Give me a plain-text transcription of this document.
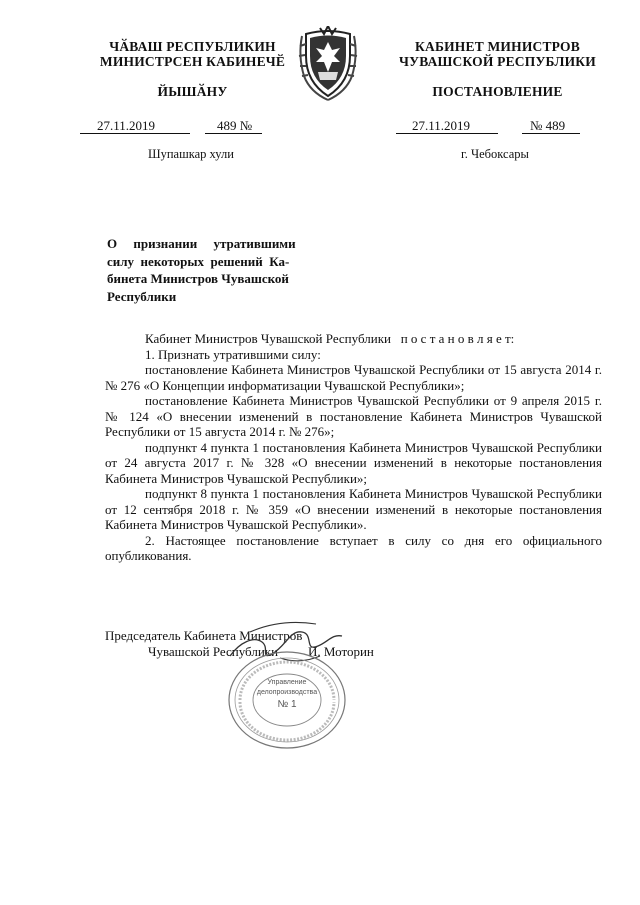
ЧӐВАШ РЕСПУБЛИКИН
МИНИСТРСЕН КАБИНЕЧӖ
ЙЫШӐНУ
27.11.2019	489 №
Шупашкар хули
КАБИНЕТ МИНИСТРОВ
ЧУВАШСКОЙ РЕСПУБЛИКИ
ПОСТАНОВЛЕНИЕ
27.11.2019	№ 489
г. Чебоксары
О     признании     утратившими
силу  некоторых  решений  Ка-
бинета Министров Чувашской
Республики

Кабинет Министров Чувашской Республики   п о с т а н о в л я е т:

1. Признать утратившими силу:

постановление Кабинета Министров Чувашской Республики от 15 августа 2014 г. № 276 «О Концепции информатизации Чувашской Республики»;

постановление Кабинета Министров Чувашской Республики от 9 апреля 2015 г. № 124 «О внесении изменений в постановление Кабинета Министров Чувашской Республики от 15 августа 2014 г. № 276»;

подпункт 4 пункта 1 постановления Кабинета Министров Чувашской Республики от 24 августа 2017 г. № 328 «О внесении изменений в некоторые постановления Кабинета Министров Чувашской Республики»;

подпункт 8 пункта 1 постановления Кабинета Министров Чувашской Республики от 12 сентября 2018 г. № 359 «О внесении изменений в некоторые постановления Кабинета Министров Чувашской Республики».

2. Настоящее постановление вступает в силу со дня его официального опубликования.

Председатель Кабинета Министров
Чувашской Республики И. Моторин
Управление
делопроизводства
№ 1
